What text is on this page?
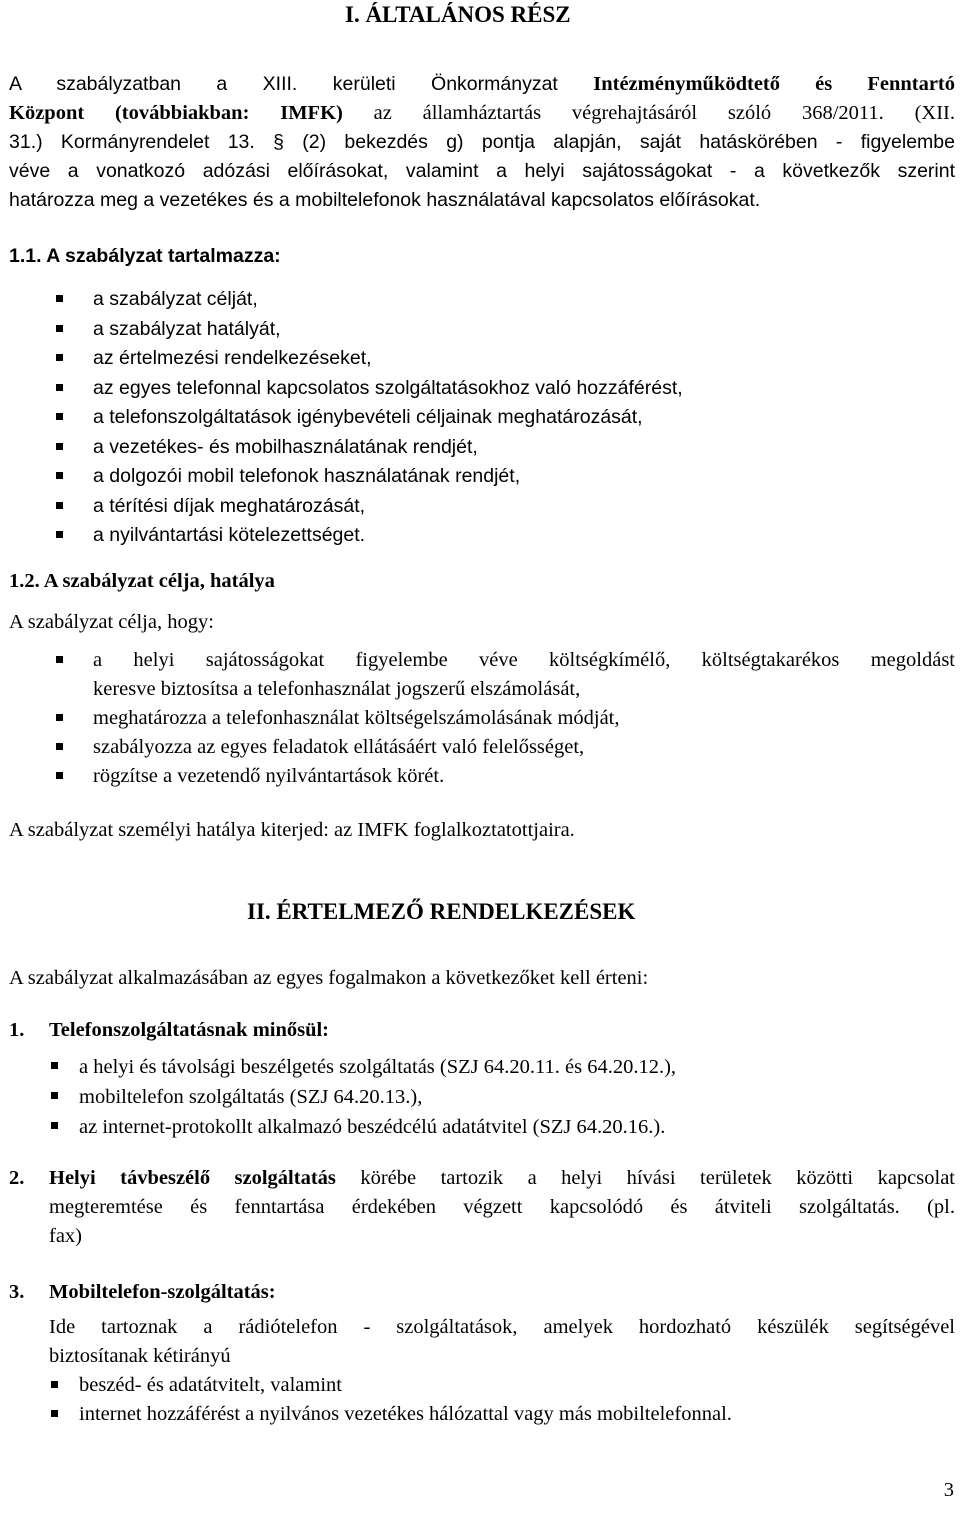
I. ÁLTALÁNOS RÉSZ
A szabályzatban a XIII. kerületi Önkormányzat Intézményműködtető és Fenntartó
Központ (továbbiakban: IMFK) az államháztartás végrehajtásáról szóló 368/2011. (XII.
31.) Kormányrendelet 13. § (2) bekezdés g) pontja alapján, saját hatáskörében - figyelembe
véve a vonatkozó adózási előírásokat, valamint a helyi sajátosságokat - a következők szerint
határozza meg a vezetékes és a mobiltelefonok használatával kapcsolatos előírásokat.
1.1. A szabályzat tartalmazza:
a szabályzat célját,
a szabályzat hatályát,
az értelmezési rendelkezéseket,
az egyes telefonnal kapcsolatos szolgáltatásokhoz való hozzáférést,
a telefonszolgáltatások igénybevételi céljainak meghatározását,
a vezetékes- és mobilhasználatának rendjét,
a dolgozói mobil telefonok használatának rendjét,
a térítési díjak meghatározását,
a nyilvántartási kötelezettséget.
1.2. A szabályzat célja, hatálya
A szabályzat célja, hogy:
a helyi sajátosságokat figyelembe véve költségkímélő, költségtakarékos megoldást
keresve biztosítsa a telefonhasználat jogszerű elszámolását,
meghatározza a telefonhasználat költségelszámolásának módját,
szabályozza az egyes feladatok ellátásáért való felelősséget,
rögzítse a vezetendő nyilvántartások körét.
A szabályzat személyi hatálya kiterjed: az IMFK foglalkoztatottjaira.
II. ÉRTELMEZŐ RENDELKEZÉSEK
A szabályzat alkalmazásában az egyes fogalmakon a következőket kell érteni:
1. Telefonszolgáltatásnak minősül:
a helyi és távolsági beszélgetés szolgáltatás (SZJ 64.20.11. és 64.20.12.),
mobiltelefon szolgáltatás (SZJ 64.20.13.),
az internet-protokollt alkalmazó beszédcélú adatátvitel (SZJ 64.20.16.).
2. Helyi távbeszélő szolgáltatás körébe tartozik a helyi hívási területek közötti kapcsolat
megteremtése és fenntartása érdekében végzett kapcsolódó és átviteli szolgáltatás. (pl.
fax)
3. Mobiltelefon-szolgáltatás:
Ide tartoznak a rádiótelefon - szolgáltatások, amelyek hordozható készülék segítségével
biztosítanak kétirányú
beszéd- és adatátvitelt, valamint
internet hozzáférést a nyilvános vezetékes hálózattal vagy más mobiltelefonnal.
3
